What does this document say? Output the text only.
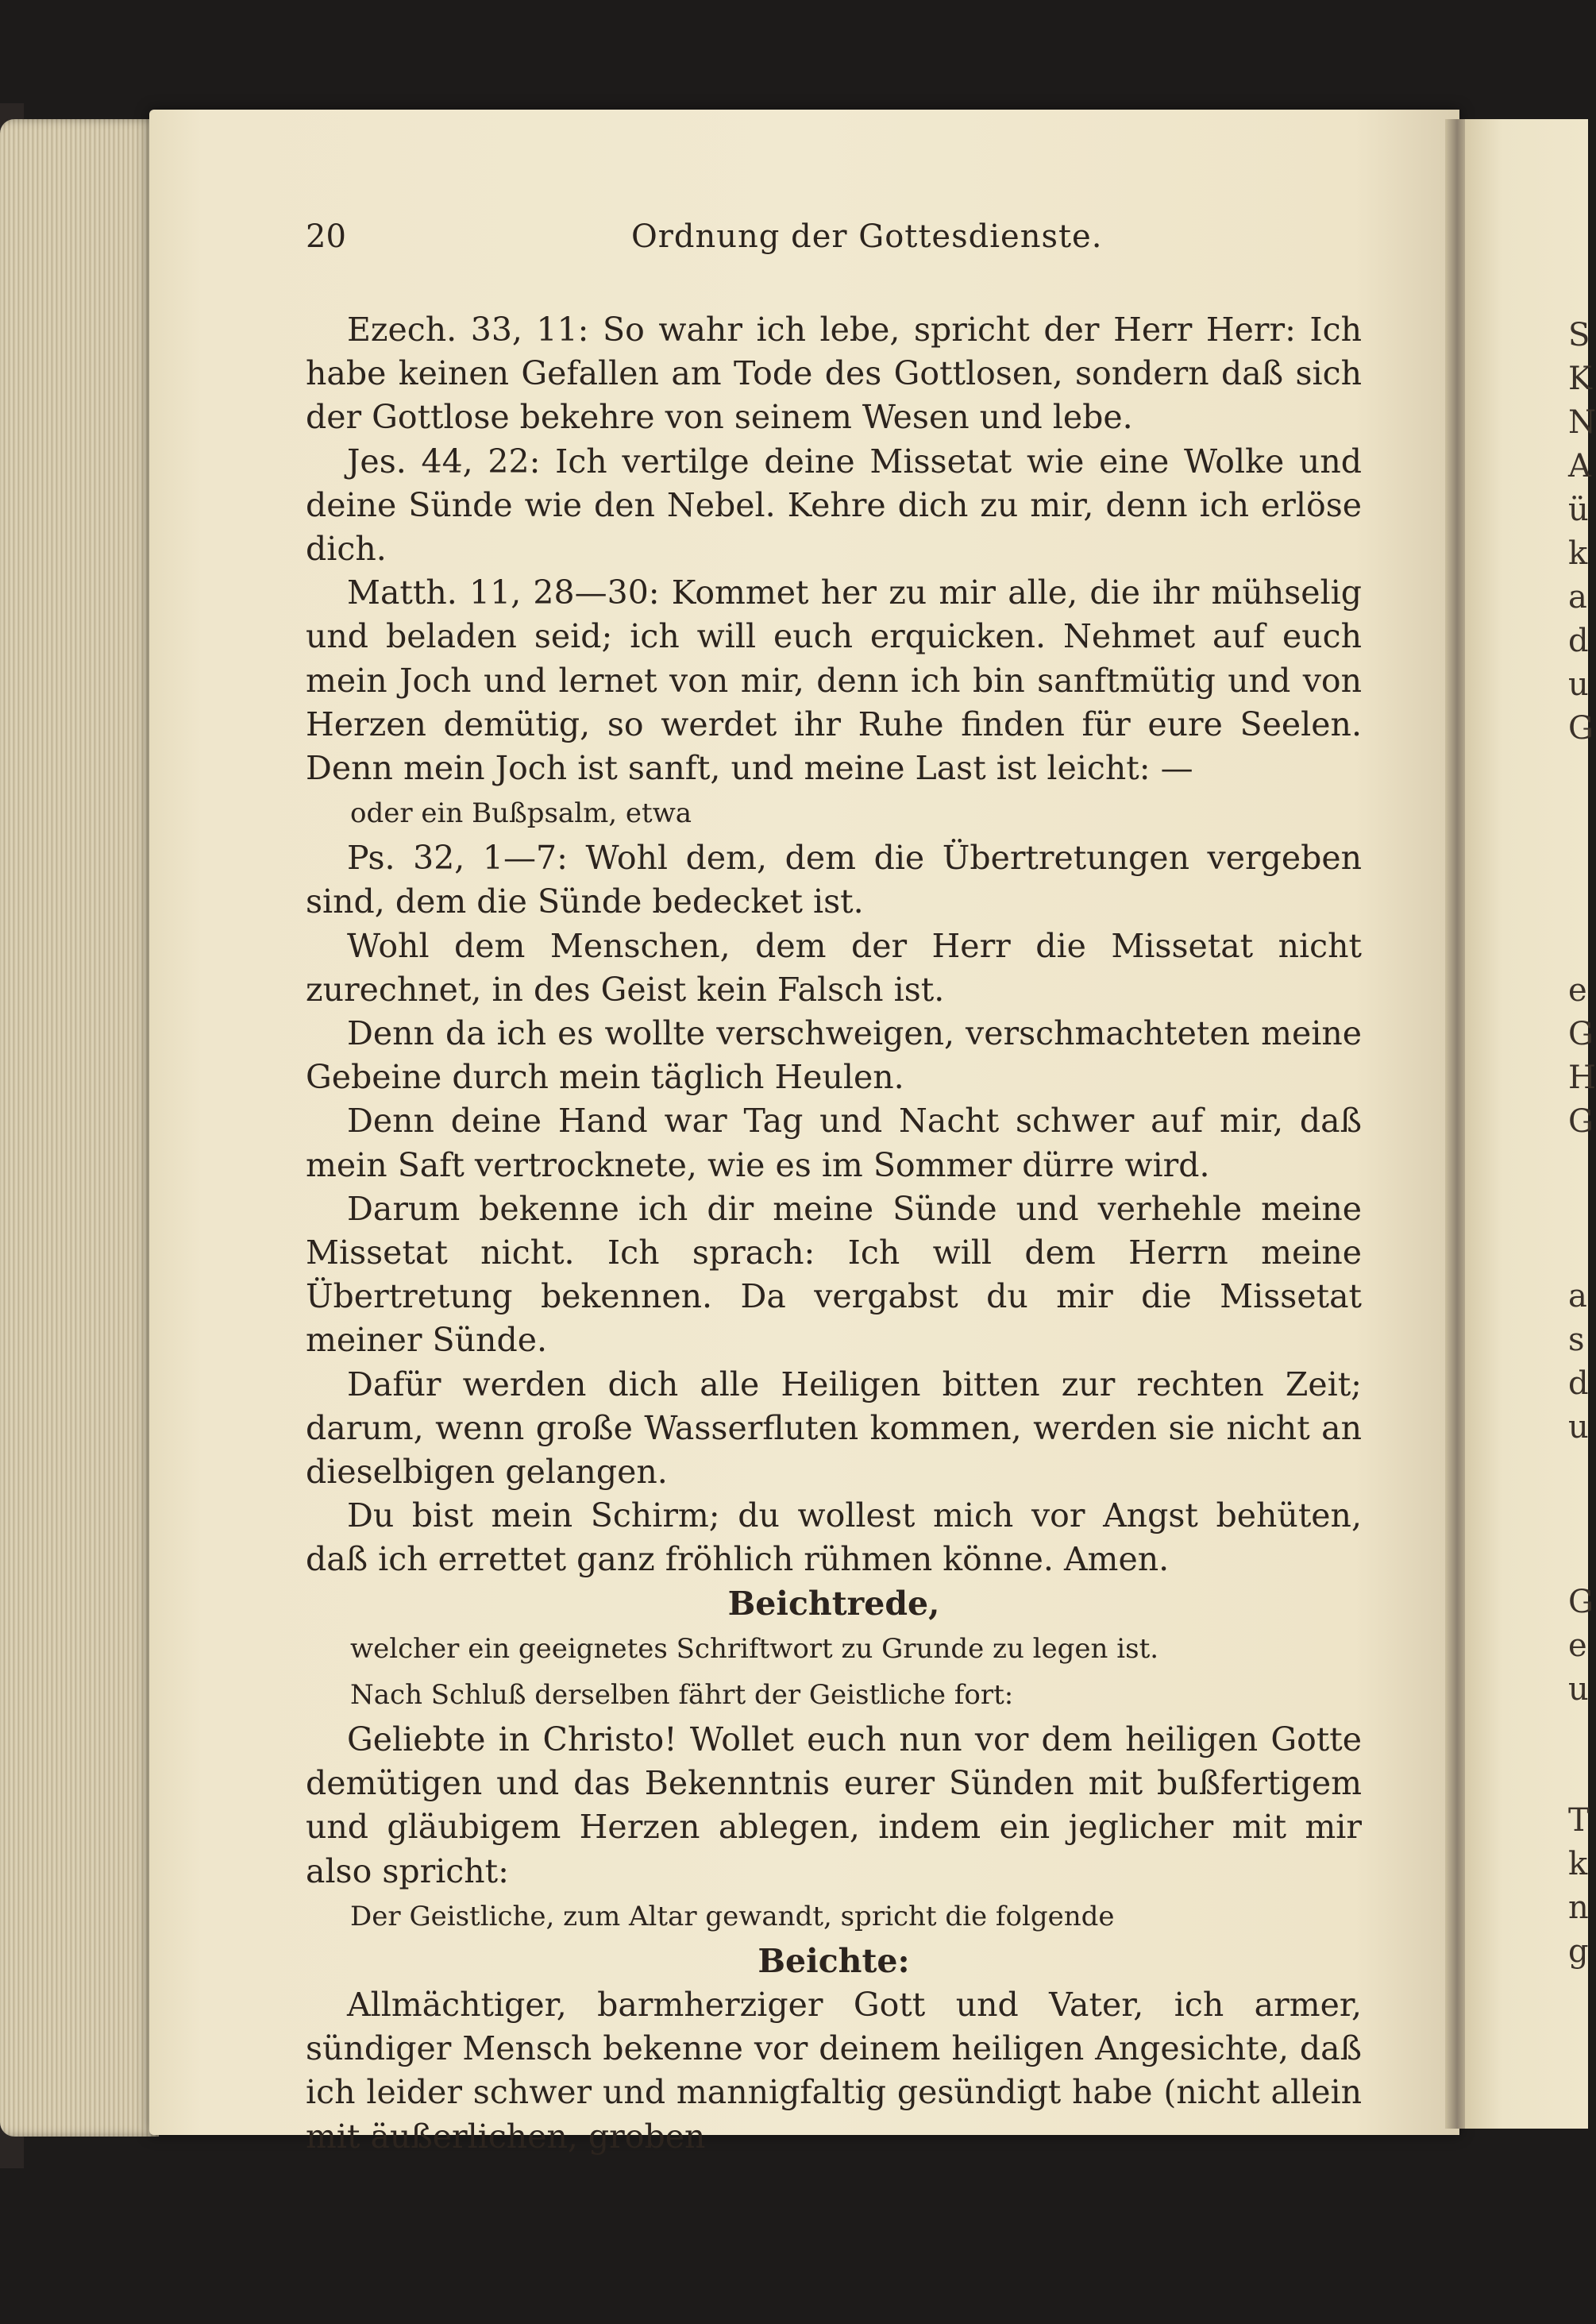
20	Ordnung der Gottesdienste.

Ezech. 33, 11: So wahr ich lebe, spricht der Herr Herr: Ich habe keinen Gefallen am Tode des Gottlosen, sondern daß sich der Gottlose bekehre von seinem Wesen und lebe.

Jes. 44, 22: Ich vertilge deine Missetat wie eine Wolke und deine Sünde wie den Nebel. Kehre dich zu mir, denn ich erlöse dich.

Matth. 11, 28—30: Kommet her zu mir alle, die ihr mühselig und beladen seid; ich will euch erquicken. Nehmet auf euch mein Joch und lernet von mir, denn ich bin sanftmütig und von Herzen demütig, so werdet ihr Ruhe finden für eure Seelen. Denn mein Joch ist sanft, und meine Last ist leicht: —

oder ein Bußpsalm, etwa

Ps. 32, 1—7: Wohl dem, dem die Übertretungen vergeben sind, dem die Sünde bedecket ist.

Wohl dem Menschen, dem der Herr die Missetat nicht zurechnet, in des Geist kein Falsch ist.

Denn da ich es wollte verschweigen, verschmachteten meine Gebeine durch mein täglich Heulen.

Denn deine Hand war Tag und Nacht schwer auf mir, daß mein Saft vertrocknete, wie es im Sommer dürre wird.

Darum bekenne ich dir meine Sünde und verhehle meine Missetat nicht. Ich sprach: Ich will dem Herrn meine Übertretung bekennen. Da vergabst du mir die Missetat meiner Sünde.

Dafür werden dich alle Heiligen bitten zur rechten Zeit; darum, wenn große Wasserfluten kommen, werden sie nicht an dieselbigen gelangen.

Du bist mein Schirm; du wollest mich vor Angst behüten, daß ich errettet ganz fröhlich rühmen könne. Amen.

Beichtrede,

welcher ein geeignetes Schriftwort zu Grunde zu legen ist.

Nach Schluß derselben fährt der Geistliche fort:

Geliebte in Christo! Wollet euch nun vor dem heiligen Gotte demütigen und das Bekenntnis eurer Sünden mit bußfertigem und gläubigem Herzen ablegen, indem ein jeglicher mit mir also spricht:

Der Geistliche, zum Altar gewandt, spricht die folgende

Beichte:

Allmächtiger, barmherziger Gott und Vater, ich armer, sündiger Mensch bekenne vor deinem heiligen Angesichte, daß ich leider schwer und mannigfaltig gesündigt habe (nicht allein mit äußerlichen, groben

S
K
N
A
ü
k
a
d
u
G

e
G
H
G

a
s
d
u

G
e
u

T
k
n
g
